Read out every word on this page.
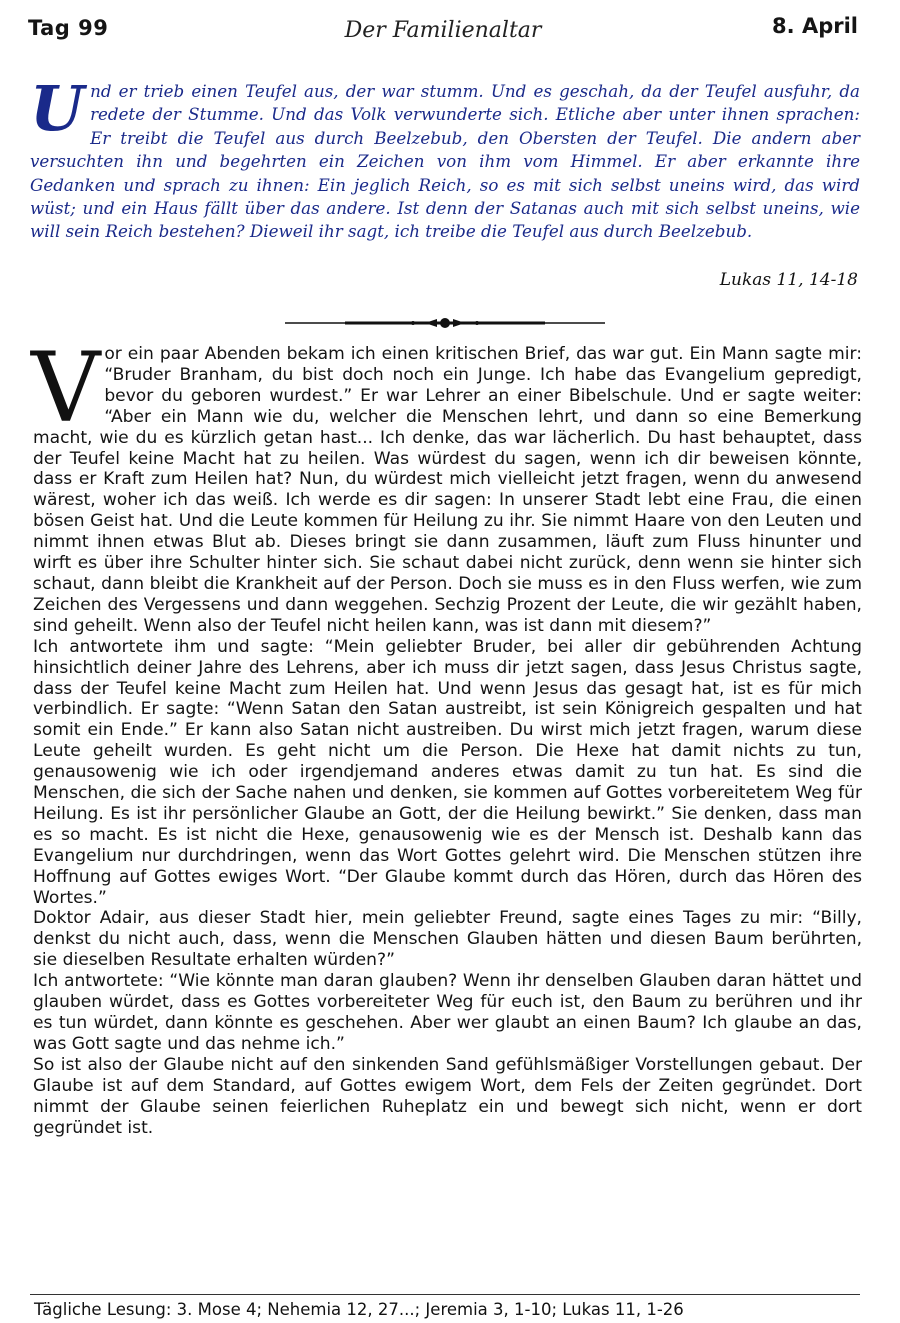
Tag 99	Der Familienaltar	8. April
Und er trieb einen Teufel aus, der war stumm. Und es geschah, da der Teufel ausfuhr, da redete der Stumme. Und das Volk verwunderte sich. Etliche aber unter ihnen sprachen: Er treibt die Teufel aus durch Beelzebub, den Obersten der Teufel. Die andern aber versuchten ihn und begehrten ein Zeichen von ihm vom Himmel. Er aber erkannte ihre Gedanken und sprach zu ihnen: Ein jeglich Reich, so es mit sich selbst uneins wird, das wird wüst; und ein Haus fällt über das andere. Ist denn der Satanas auch mit sich selbst uneins, wie will sein Reich bestehen? Dieweil ihr sagt, ich treibe die Teufel aus durch Beelzebub.
Lukas 11, 14-18

Vor ein paar Abenden bekam ich einen kritischen Brief, das war gut. Ein Mann sagte mir: “Bruder Branham, du bist doch noch ein Junge. Ich habe das Evangelium gepredigt, bevor du geboren wurdest.” Er war Lehrer an einer Bibelschule. Und er sagte weiter: “Aber ein Mann wie du, welcher die Menschen lehrt, und dann so eine Bemerkung macht, wie du es kürzlich getan hast... Ich denke, das war lächerlich. Du hast behauptet, dass der Teufel keine Macht hat zu heilen. Was würdest du sagen, wenn ich dir beweisen könnte, dass er Kraft zum Heilen hat? Nun, du würdest mich vielleicht jetzt fragen, wenn du anwesend wärest, woher ich das weiß. Ich werde es dir sagen: In unserer Stadt lebt eine Frau, die einen bösen Geist hat. Und die Leute kommen für Heilung zu ihr. Sie nimmt Haare von den Leuten und nimmt ihnen etwas Blut ab. Dieses bringt sie dann zusammen, läuft zum Fluss hinunter und wirft es über ihre Schulter hinter sich. Sie schaut dabei nicht zurück, denn wenn sie hinter sich schaut, dann bleibt die Krankheit auf der Person. Doch sie muss es in den Fluss werfen, wie zum Zeichen des Vergessens und dann weggehen. Sechzig Prozent der Leute, die wir gezählt haben, sind geheilt. Wenn also der Teufel nicht heilen kann, was ist dann mit diesem?”

Ich antwortete ihm und sagte: “Mein geliebter Bruder, bei aller dir gebührenden Achtung hinsichtlich deiner Jahre des Lehrens, aber ich muss dir jetzt sagen, dass Jesus Christus sagte, dass der Teufel keine Macht zum Heilen hat. Und wenn Jesus das gesagt hat, ist es für mich verbindlich. Er sagte: “Wenn Satan den Satan austreibt, ist sein Königreich gespalten und hat somit ein Ende.” Er kann also Satan nicht austreiben. Du wirst mich jetzt fragen, warum diese Leute geheilt wurden. Es geht nicht um die Person. Die Hexe hat damit nichts zu tun, genausowenig wie ich oder irgendjemand anderes etwas damit zu tun hat. Es sind die Menschen, die sich der Sache nahen und denken, sie kommen auf Gottes vorbereitetem Weg für Heilung. Es ist ihr persönlicher Glaube an Gott, der die Heilung bewirkt.” Sie denken, dass man es so macht. Es ist nicht die Hexe, genausowenig wie es der Mensch ist. Deshalb kann das Evangelium nur durchdringen, wenn das Wort Gottes gelehrt wird. Die Menschen stützen ihre Hoffnung auf Gottes ewiges Wort. “Der Glaube kommt durch das Hören, durch das Hören des Wortes.”

Doktor Adair, aus dieser Stadt hier, mein geliebter Freund, sagte eines Tages zu mir: “Billy, denkst du nicht auch, dass, wenn die Menschen Glauben hätten und diesen Baum berührten, sie dieselben Resultate erhalten würden?”

Ich antwortete: “Wie könnte man daran glauben? Wenn ihr denselben Glauben daran hättet und glauben würdet, dass es Gottes vorbereiteter Weg für euch ist, den Baum zu berühren und ihr es tun würdet, dann könnte es geschehen. Aber wer glaubt an einen Baum? Ich glaube an das, was Gott sagte und das nehme ich.”

So ist also der Glaube nicht auf den sinkenden Sand gefühlsmäßiger Vorstellungen gebaut. Der Glaube ist auf dem Standard, auf Gottes ewigem Wort, dem Fels der Zeiten gegründet. Dort nimmt der Glaube seinen feierlichen Ruheplatz ein und bewegt sich nicht, wenn er dort gegründet ist.

Tägliche Lesung: 3. Mose 4; Nehemia 12, 27...; Jeremia 3, 1-10; Lukas 11, 1-26
